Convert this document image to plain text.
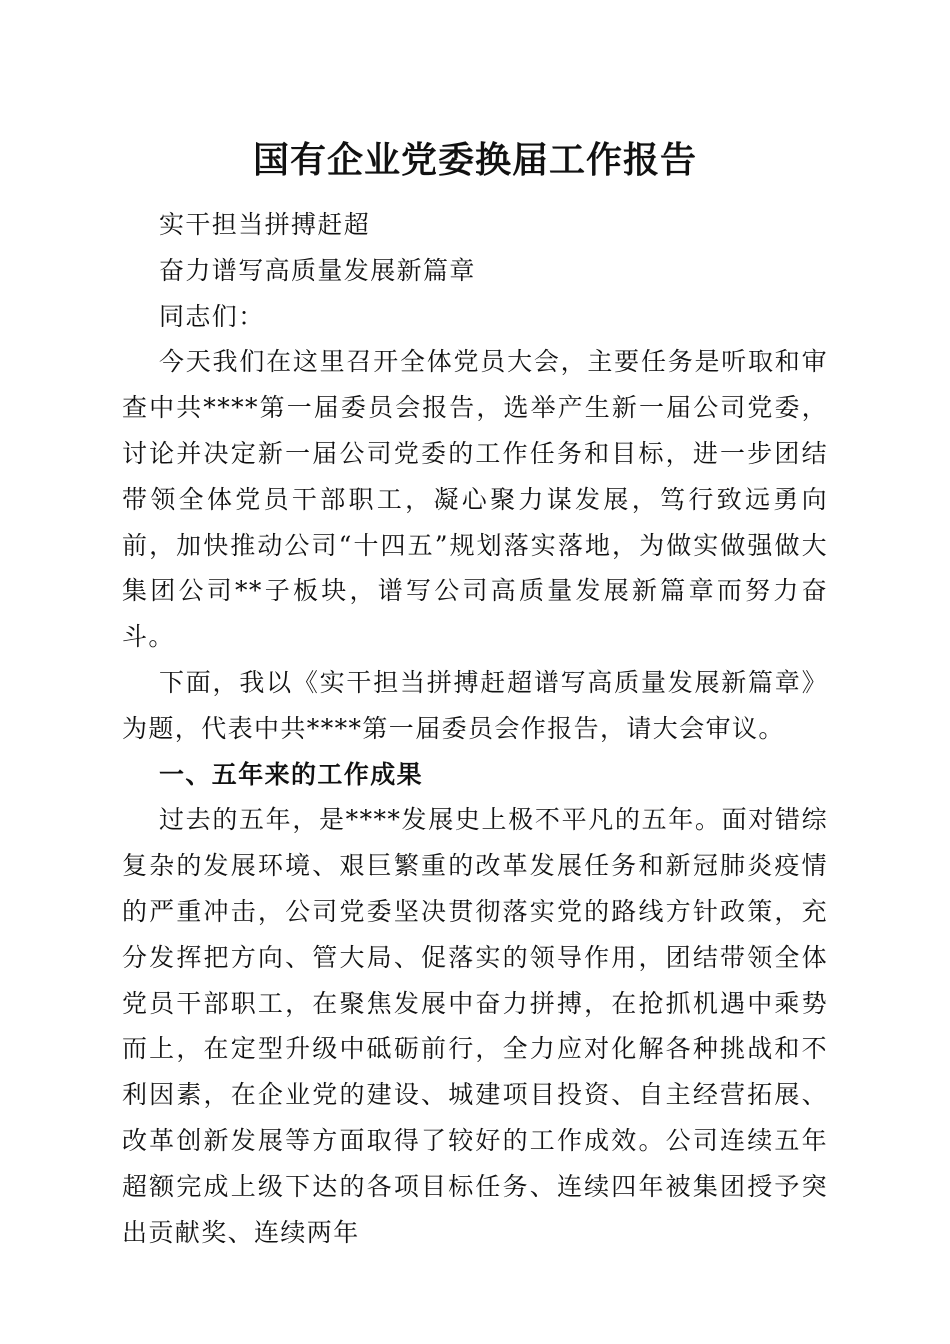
国有企业党委换届工作报告

实干担当拼搏赶超

奋力谱写高质量发展新篇章

同志们：

今天我们在这里召开全体党员大会，主要任务是听取和审查中共****第一届委员会报告，选举产生新一届公司党委，讨论并决定新一届公司党委的工作任务和目标，进一步团结带领全体党员干部职工，凝心聚力谋发展，笃行致远勇向前，加快推动公司“十四五”规划落实落地，为做实做强做大集团公司**子板块，谱写公司高质量发展新篇章而努力奋斗。

下面，我以《实干担当拼搏赶超谱写高质量发展新篇章》为题，代表中共****第一届委员会作报告，请大会审议。

一、五年来的工作成果

过去的五年，是****发展史上极不平凡的五年。面对错综复杂的发展环境、艰巨繁重的改革发展任务和新冠肺炎疫情的严重冲击，公司党委坚决贯彻落实党的路线方针政策，充分发挥把方向、管大局、促落实的领导作用，团结带领全体党员干部职工，在聚焦发展中奋力拼搏，在抢抓机遇中乘势而上，在定型升级中砥砺前行，全力应对化解各种挑战和不利因素，在企业党的建设、城建项目投资、自主经营拓展、改革创新发展等方面取得了较好的工作成效。公司连续五年超额完成上级下达的各项目标任务、连续四年被集团授予突出贡献奖、连续两年
